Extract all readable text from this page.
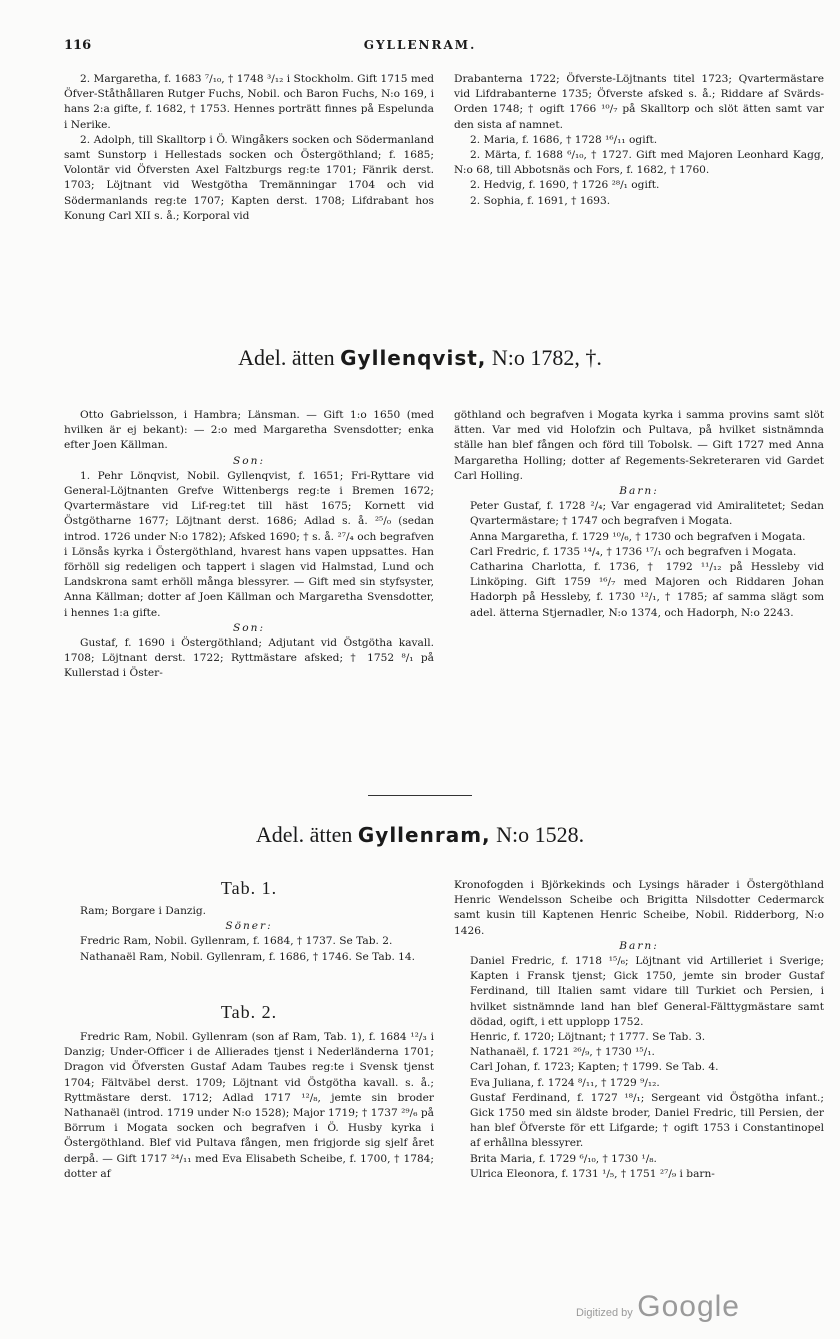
116	GYLLENRAM.

2. Margaretha, f. 1683 ⁷/₁₀, † 1748 ³/₁₂ i Stockholm. Gift 1715 med Öfver-Ståthållaren Rutger Fuchs, Nobil. och Baron Fuchs, N:o 169, i hans 2:a gifte, f. 1682, † 1753. Hennes porträtt finnes på Espelunda i Nerike.

2. Adolph, till Skalltorp i Ö. Wingåkers socken och Södermanland samt Sunstorp i Hellestads socken och Östergöthland; f. 1685; Volontär vid Öfversten Axel Faltzburgs reg:te 1701; Fänrik derst. 1703; Löjtnant vid Westgötha Tremänningar 1704 och vid Södermanlands reg:te 1707; Kapten derst. 1708; Lifdrabant hos Konung Carl XII s. å.; Korporal vid

Drabanterna 1722; Öfverste-Löjtnants titel 1723; Qvartermästare vid Lifdrabanterne 1735; Öfverste afsked s. å.; Riddare af Svärds-Orden 1748; † ogift 1766 ¹⁰/₇ på Skalltorp och slöt ätten samt var den sista af namnet.

2. Maria, f. 1686, † 1728 ¹⁶/₁₁ ogift.

2. Märta, f. 1688 ⁶/₁₀, † 1727. Gift med Majoren Leonhard Kagg, N:o 68, till Abbotsnäs och Fors, f. 1682, † 1760.

2. Hedvig, f. 1690, † 1726 ²⁸/₁ ogift.

2. Sophia, f. 1691, † 1693.

Adel. ätten Gyllenqvist, N:o 1782, †.

Otto Gabrielsson, i Hambra; Länsman. — Gift 1:o 1650 (med hvilken är ej bekant): — 2:o med Margaretha Svensdotter; enka efter Joen Källman.

Son:

1. Pehr Lönqvist, Nobil. Gyllenqvist, f. 1651; Fri-Ryttare vid General-Löjtnanten Grefve Wittenbergs reg:te i Bremen 1672; Qvartermästare vid Lif-reg:tet till häst 1675; Kornett vid Östgötharne 1677; Löjtnant derst. 1686; Adlad s. å. ²⁵/₀ (sedan introd. 1726 under N:o 1782); Afsked 1690; † s. å. ²⁷/₄ och begrafven i Lönsås kyrka i Östergöthland, hvarest hans vapen uppsattes. Han förhöll sig redeligen och tappert i slagen vid Halmstad, Lund och Landskrona samt erhöll många blessyrer. — Gift med sin styfsyster, Anna Källman; dotter af Joen Källman och Margaretha Svensdotter, i hennes 1:a gifte.

Son:

Gustaf, f. 1690 i Östergöthland; Adjutant vid Östgötha kavall. 1708; Löjtnant derst. 1722; Ryttmästare afsked; † 1752 ⁸/₁ på Kullerstad i Öster-

göthland och begrafven i Mogata kyrka i samma provins samt slöt ätten. Var med vid Holofzin och Pultava, på hvilket sistnämnda ställe han blef fången och förd till Tobolsk. — Gift 1727 med Anna Margaretha Holling; dotter af Regements-Sekreteraren vid Gardet Carl Holling.

Barn:

Peter Gustaf, f. 1728 ²/₄; Var engagerad vid Amiralitetet; Sedan Qvartermästare; † 1747 och begrafven i Mogata.

Anna Margaretha, f. 1729 ¹⁰/₆, † 1730 och begrafven i Mogata.

Carl Fredric, f. 1735 ¹⁴/₄, † 1736 ¹⁷/₁ och begrafven i Mogata.

Catharina Charlotta, f. 1736, † 1792 ¹¹/₁₂ på Hessleby vid Linköping. Gift 1759 ¹⁶/₇ med Majoren och Riddaren Johan Hadorph på Hessleby, f. 1730 ¹²/₁, † 1785; af samma slägt som adel. ätterna Stjernadler, N:o 1374, och Hadorph, N:o 2243.

Adel. ätten Gyllenram, N:o 1528.
Tab. 1.

Ram; Borgare i Danzig.

Söner:

Fredric Ram, Nobil. Gyllenram, f. 1684, † 1737. Se Tab. 2.

Nathanaël Ram, Nobil. Gyllenram, f. 1686, † 1746. Se Tab. 14.

Tab. 2.

Fredric Ram, Nobil. Gyllenram (son af Ram, Tab. 1), f. 1684 ¹²/₃ i Danzig; Under-Officer i de Allierades tjenst i Nederländerna 1701; Dragon vid Öfversten Gustaf Adam Taubes reg:te i Svensk tjenst 1704; Fältväbel derst. 1709; Löjtnant vid Östgötha kavall. s. å.; Ryttmästare derst. 1712; Adlad 1717 ¹²/₈, jemte sin broder Nathanaël (introd. 1719 under N:o 1528); Major 1719; † 1737 ²⁹/₆ på Börrum i Mogata socken och begrafven i Ö. Husby kyrka i Östergöthland. Blef vid Pultava fången, men frigjorde sig sjelf året derpå. — Gift 1717 ²⁴/₁₁ med Eva Elisabeth Scheibe, f. 1700, † 1784; dotter af

Kronofogden i Björkekinds och Lysings härader i Östergöthland Henric Wendelsson Scheibe och Brigitta Nilsdotter Cedermarck samt kusin till Kaptenen Henric Scheibe, Nobil. Ridderborg, N:o 1426.

Barn:

Daniel Fredric, f. 1718 ¹⁵/₆; Löjtnant vid Artilleriet i Sverige; Kapten i Fransk tjenst; Gick 1750, jemte sin broder Gustaf Ferdinand, till Italien samt vidare till Turkiet och Persien, i hvilket sistnämnde land han blef General-Fälttygmästare samt dödad, ogift, i ett upplopp 1752.

Henric, f. 1720; Löjtnant; † 1777. Se Tab. 3.

Nathanaël, f. 1721 ²⁶/₉, † 1730 ¹⁵/₁.

Carl Johan, f. 1723; Kapten; † 1799. Se Tab. 4.

Eva Juliana, f. 1724 ⁸/₁₁, † 1729 ⁹/₁₂.

Gustaf Ferdinand, f. 1727 ¹⁸/₁; Sergeant vid Östgötha infant.; Gick 1750 med sin äldste broder, Daniel Fredric, till Persien, der han blef Öfverste för ett Lifgarde; † ogift 1753 i Constantinopel af erhållna blessyrer.

Brita Maria, f. 1729 ⁶/₁₀, † 1730 ¹/₈.

Ulrica Eleonora, f. 1731 ¹/₅, † 1751 ²⁷/₉ i barn-

Digitized by Google
